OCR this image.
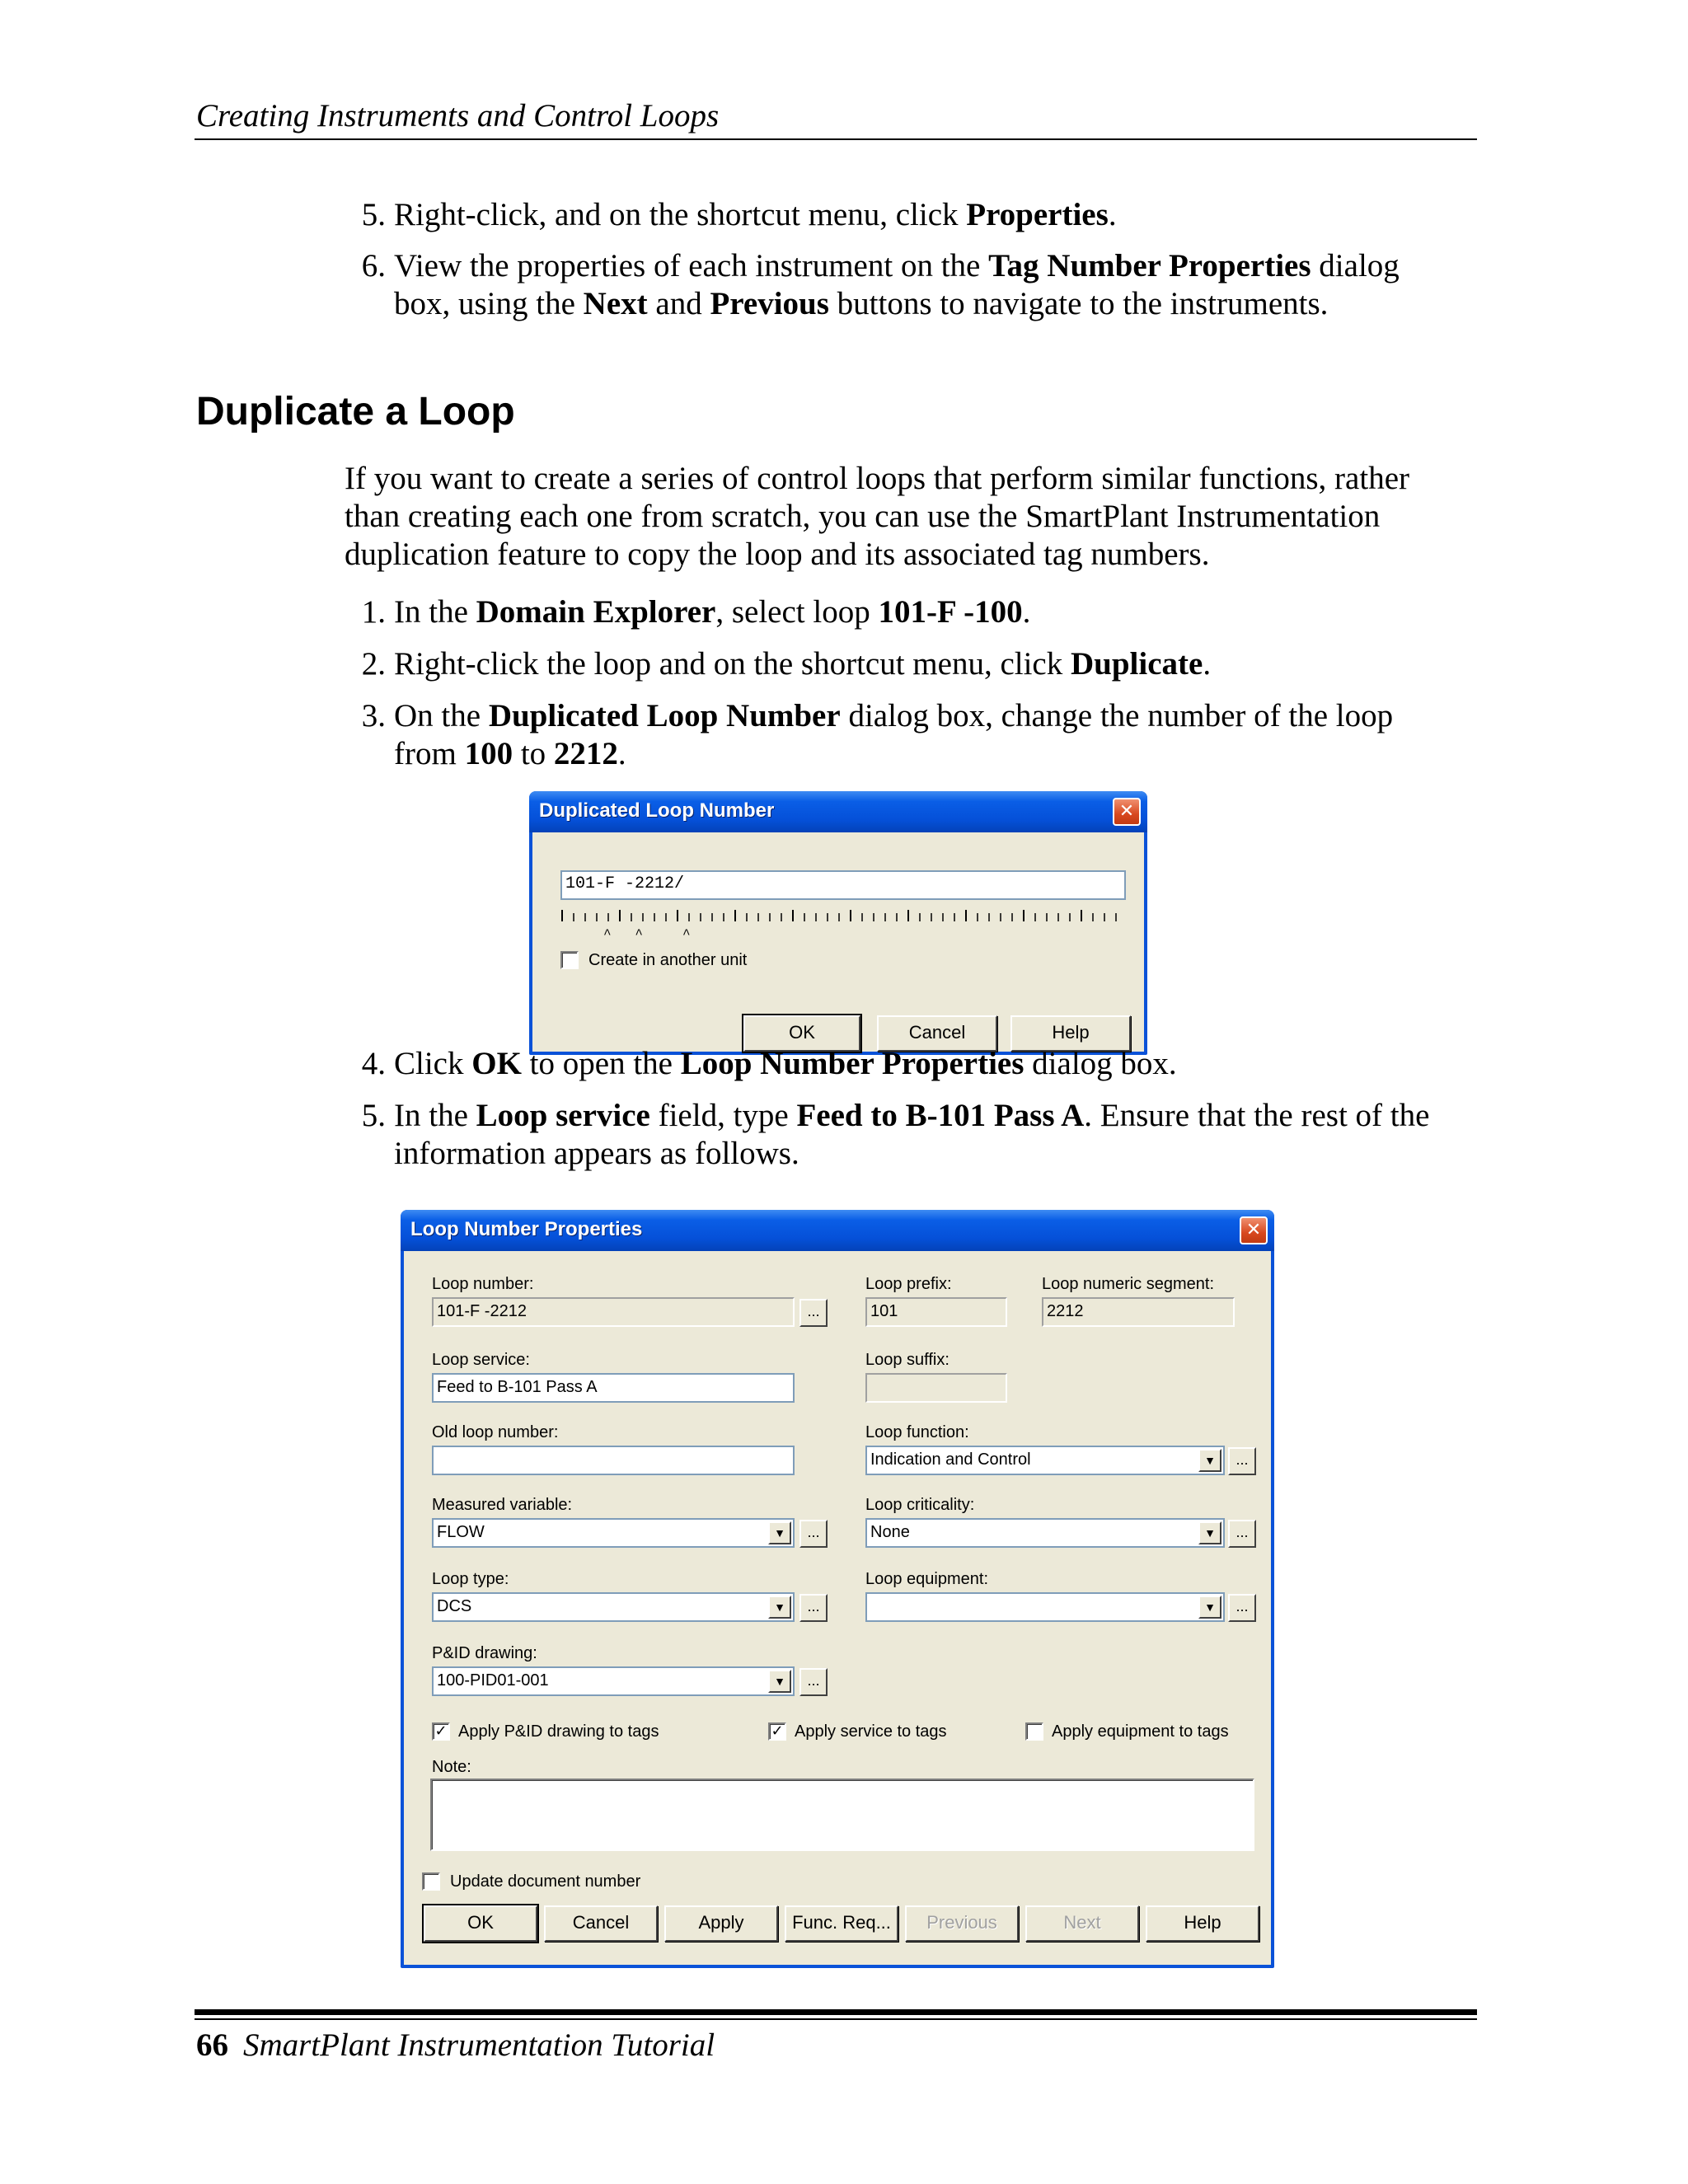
Creating Instruments and Control Loops
5. Right-click, and on the shortcut menu, click Properties.
6. View the properties of each instrument on the Tag Number Properties dialog
box, using the Next and Previous buttons to navigate to the instruments.
Duplicate a Loop
If you want to create a series of control loops that perform similar functions, rather
than creating each one from scratch, you can use the SmartPlant Instrumentation
duplication feature to copy the loop and its associated tag numbers.
1. In the Domain Explorer, select loop 101-F -100.
2. Right-click the loop and on the shortcut menu, click Duplicate.
3. On the Duplicated Loop Number dialog box, change the number of the loop
from 100 to 2212.
Duplicated Loop Number	✕
101-F -2212/
^   ^     ^
Create in another unit
OK	Cancel	Help
4. Click OK to open the Loop Number Properties dialog box.
5. In the Loop service field, type Feed to B-101 Pass A. Ensure that the rest of the
information appears as follows.
Loop Number Properties	✕
Loop number:
101-F -2212	...
Loop service:
Feed to B-101 Pass A
Old loop number:
Measured variable:
FLOW	▼	...
Loop type:
DCS	▼	...
P&ID drawing:
100-PID01-001	▼	...
Loop prefix:
101
Loop numeric segment:
2212
Loop suffix:
Loop function:
Indication and Control	▼	...
Loop criticality:
None	▼	...
Loop equipment:
▼	...
✓ Apply P&ID drawing to tags	✓ Apply service to tags	Apply equipment to tags
Note:
Update document number
OK	Cancel	Apply	Func. Req...	Previous	Next	Help
66 SmartPlant Instrumentation Tutorial
